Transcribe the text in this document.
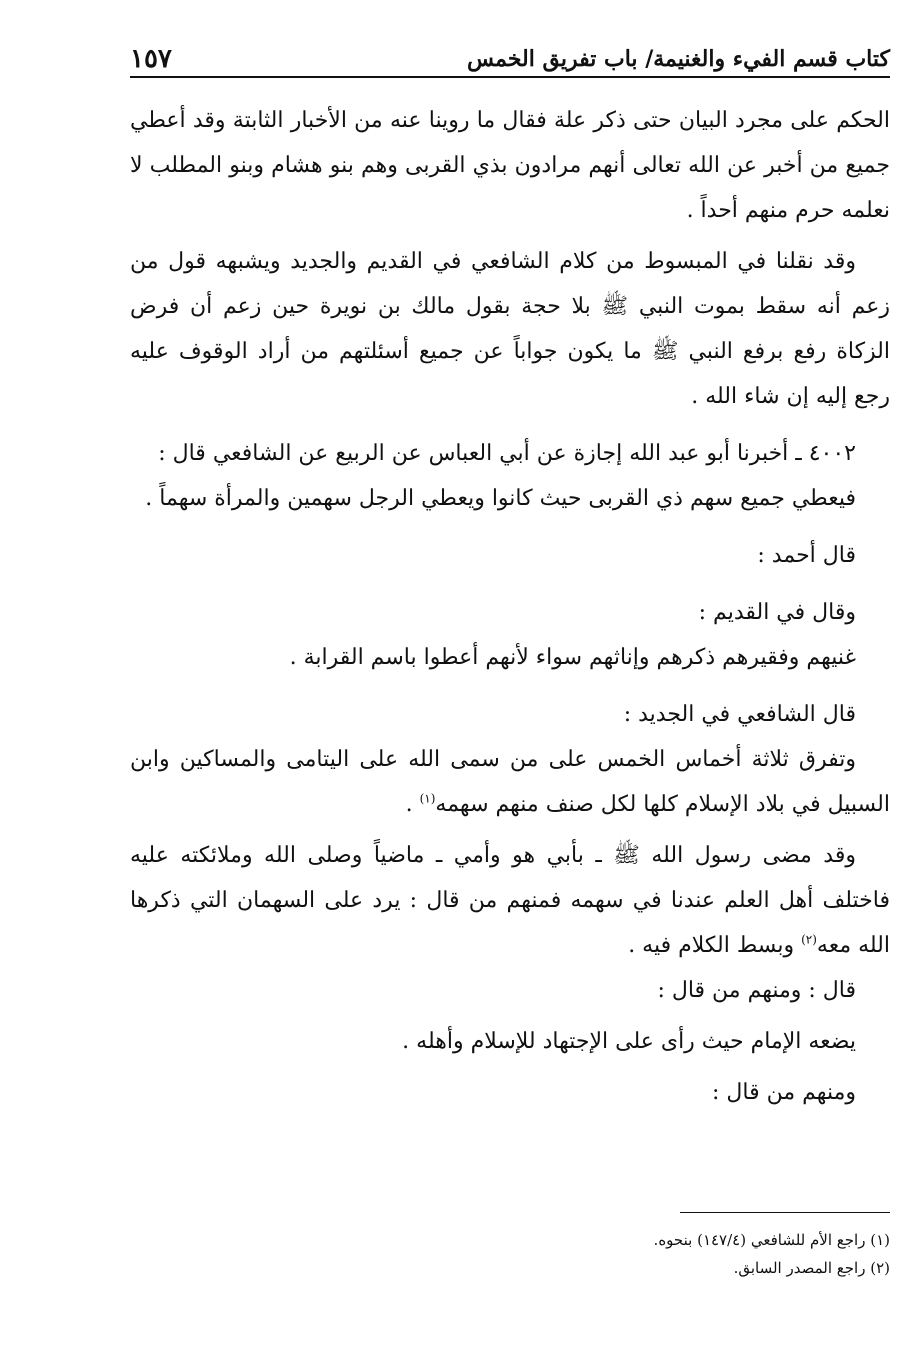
كتاب قسم الفيء والغنيمة/ باب تفريق الخمس
١٥٧

الحكم على مجرد البيان حتى ذكر علة فقال ما روينا عنه من الأخبار الثابتة وقد أعطي جميع من أخبر عن الله تعالى أنهم مرادون بذي القربى وهم بنو هشام وبنو المطلب لا نعلمه حرم منهم أحداً .

وقد نقلنا في المبسوط من كلام الشافعي في القديم والجديد ويشبهه قول من زعم أنه سقط بموت النبي ﷺ بلا حجة بقول مالك بن نويرة حين زعم أن فرض الزكاة رفع برفع النبي ﷺ ما يكون جواباً عن جميع أسئلتهم من أراد الوقوف عليه رجع إليه إن شاء الله .

٤٠٠٢ ـ أخبرنا أبو عبد الله إجازة عن أبي العباس عن الربيع عن الشافعي قال :

فيعطي جميع سهم ذي القربى حيث كانوا ويعطي الرجل سهمين والمرأة سهماً .

قال أحمد :

وقال في القديم :

غنيهم وفقيرهم ذكرهم وإناثهم سواء لأنهم أعطوا باسم القرابة .

قال الشافعي في الجديد :

وتفرق ثلاثة أخماس الخمس على من سمى الله على اليتامى والمساكين وابن السبيل في بلاد الإسلام كلها لكل صنف منهم سهمه$^{(١)}$ .

وقد مضى رسول الله ﷺ ـ بأبي هو وأمي ـ ماضياً وصلى الله وملائكته عليه فاختلف أهل العلم عندنا في سهمه فمنهم من قال : يرد على السهمان التي ذكرها الله معه$^{(٢)}$ وبسط الكلام فيه .

قال : ومنهم من قال :

يضعه الإمام حيث رأى على الإجتهاد للإسلام وأهله .

ومنهم من قال :

(١) راجع الأم للشافعي (١٤٧/٤) بنحوه.

(٢) راجع المصدر السابق.
